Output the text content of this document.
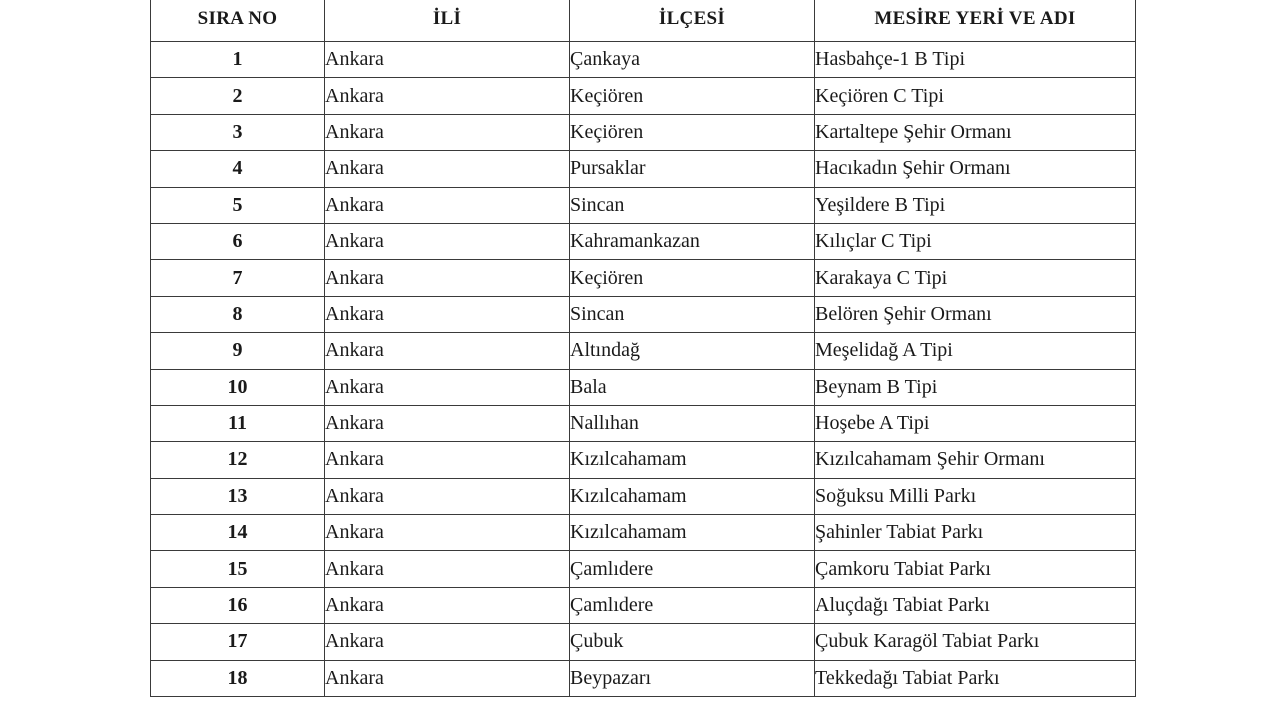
SIRA NO	İLİ	İLÇESİ	MESİRE YERİ VE ADI
1	Ankara	Çankaya	Hasbahçe-1 B Tipi
2	Ankara	Keçiören	Keçiören C Tipi
3	Ankara	Keçiören	Kartaltepe Şehir Ormanı
4	Ankara	Pursaklar	Hacıkadın Şehir Ormanı
5	Ankara	Sincan	Yeşildere B Tipi
6	Ankara	Kahramankazan	Kılıçlar C Tipi
7	Ankara	Keçiören	Karakaya C Tipi
8	Ankara	Sincan	Belören Şehir Ormanı
9	Ankara	Altındağ	Meşelidağ A Tipi
10	Ankara	Bala	Beynam B Tipi
11	Ankara	Nallıhan	Hoşebe A Tipi
12	Ankara	Kızılcahamam	Kızılcahamam Şehir Ormanı
13	Ankara	Kızılcahamam	Soğuksu Milli Parkı
14	Ankara	Kızılcahamam	Şahinler Tabiat Parkı
15	Ankara	Çamlıdere	Çamkoru Tabiat Parkı
16	Ankara	Çamlıdere	Aluçdağı Tabiat Parkı
17	Ankara	Çubuk	Çubuk Karagöl Tabiat Parkı
18	Ankara	Beypazarı	Tekkedağı Tabiat Parkı
